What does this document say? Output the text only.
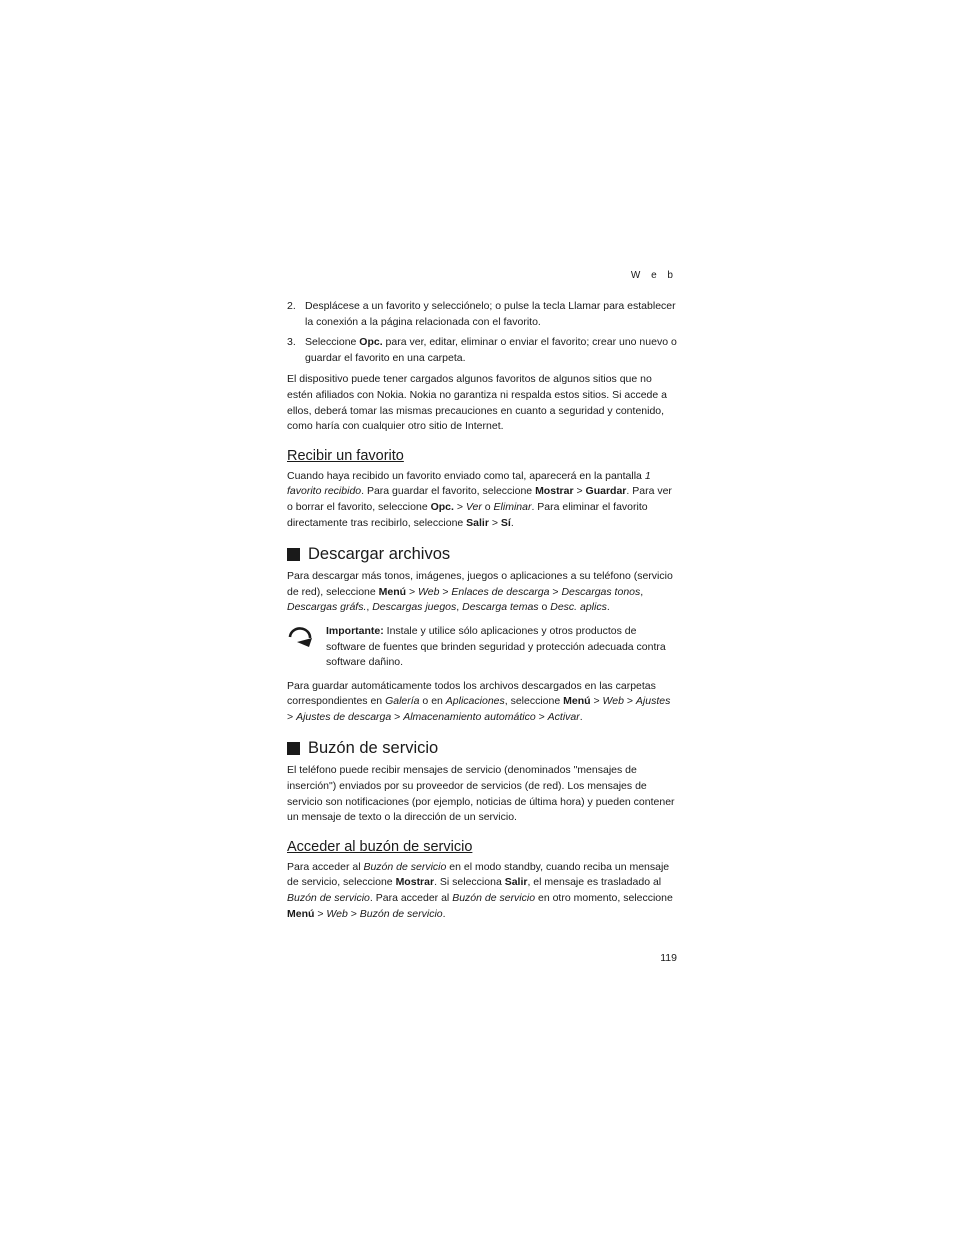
W e b
2. Desplácese a un favorito y selecciónelo; o pulse la tecla Llamar para establecer la conexión a la página relacionada con el favorito.
3. Seleccione Opc. para ver, editar, eliminar o enviar el favorito; crear uno nuevo o guardar el favorito en una carpeta.

El dispositivo puede tener cargados algunos favoritos de algunos sitios que no estén afiliados con Nokia. Nokia no garantiza ni respalda estos sitios. Si accede a ellos, deberá tomar las mismas precauciones en cuanto a seguridad y contenido, como haría con cualquier otro sitio de Internet.

Recibir un favorito

Cuando haya recibido un favorito enviado como tal, aparecerá en la pantalla 1 favorito recibido. Para guardar el favorito, seleccione Mostrar > Guardar. Para ver o borrar el favorito, seleccione Opc. > Ver o Eliminar. Para eliminar el favorito directamente tras recibirlo, seleccione Salir > Sí.

Descargar archivos

Para descargar más tonos, imágenes, juegos o aplicaciones a su teléfono (servicio de red), seleccione Menú > Web > Enlaces de descarga > Descargas tonos, Descargas gráfs., Descargas juegos, Descarga temas o Desc. aplics.

Importante: Instale y utilice sólo aplicaciones y otros productos de software de fuentes que brinden seguridad y protección adecuada contra software dañino.

Para guardar automáticamente todos los archivos descargados en las carpetas correspondientes en Galería o en Aplicaciones, seleccione Menú > Web > Ajustes > Ajustes de descarga > Almacenamiento automático > Activar.

Buzón de servicio

El teléfono puede recibir mensajes de servicio (denominados "mensajes de inserción") enviados por su proveedor de servicios (de red). Los mensajes de servicio son notificaciones (por ejemplo, noticias de última hora) y pueden contener un mensaje de texto o la dirección de un servicio.

Acceder al buzón de servicio

Para acceder al Buzón de servicio en el modo standby, cuando reciba un mensaje de servicio, seleccione Mostrar. Si selecciona Salir, el mensaje es trasladado al Buzón de servicio. Para acceder al Buzón de servicio en otro momento, seleccione Menú > Web > Buzón de servicio.

119
